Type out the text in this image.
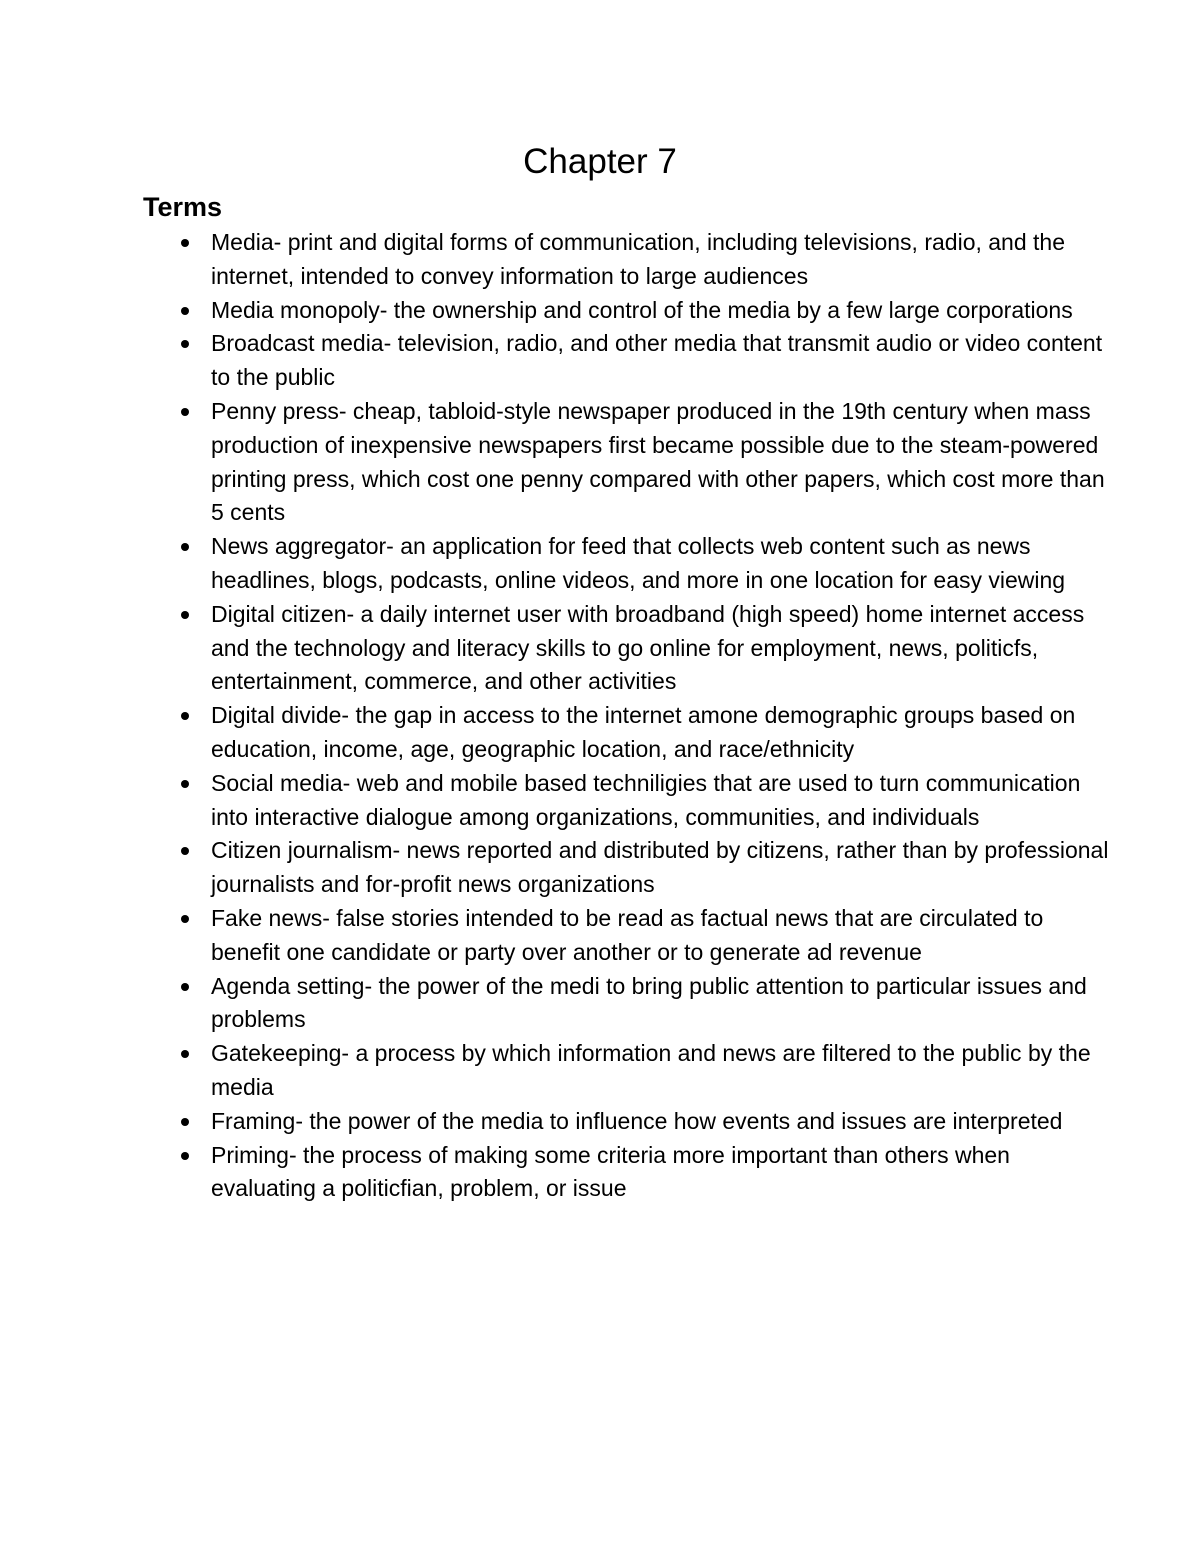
Chapter 7
Terms
Media- print and digital forms of communication, including televisions, radio, and the internet, intended to convey information to large audiences
Media monopoly- the ownership and control of the media by a few large corporations
Broadcast media- television, radio, and other media that transmit audio or video content to the public
Penny press- cheap, tabloid-style newspaper produced in the 19th century when mass production of inexpensive newspapers first became possible due to the steam-powered printing press, which cost one penny compared with other papers, which cost more than 5 cents
News aggregator- an application for feed that collects web content such as news headlines, blogs, podcasts, online videos, and more in one location for easy viewing
Digital citizen- a daily internet user with broadband (high speed) home internet access and the technology and literacy skills to go online for employment, news, politicfs, entertainment, commerce, and other activities
Digital divide- the gap in access to the internet amone demographic groups based on education, income, age, geographic location, and race/ethnicity
Social media- web and mobile based techniligies that are used to turn communication into interactive dialogue among organizations, communities, and individuals
Citizen journalism- news reported and distributed by citizens, rather than by professional journalists and for-profit news organizations
Fake news- false stories intended to be read as factual news that are circulated to benefit one candidate or party over another or to generate ad revenue
Agenda setting- the power of the medi to bring public attention to particular issues and problems
Gatekeeping- a process by which information and news are filtered to the public by the media
Framing- the power of the media to influence how events and issues are interpreted
Priming- the process of making some criteria more important than others when evaluating a politicfian, problem, or issue
